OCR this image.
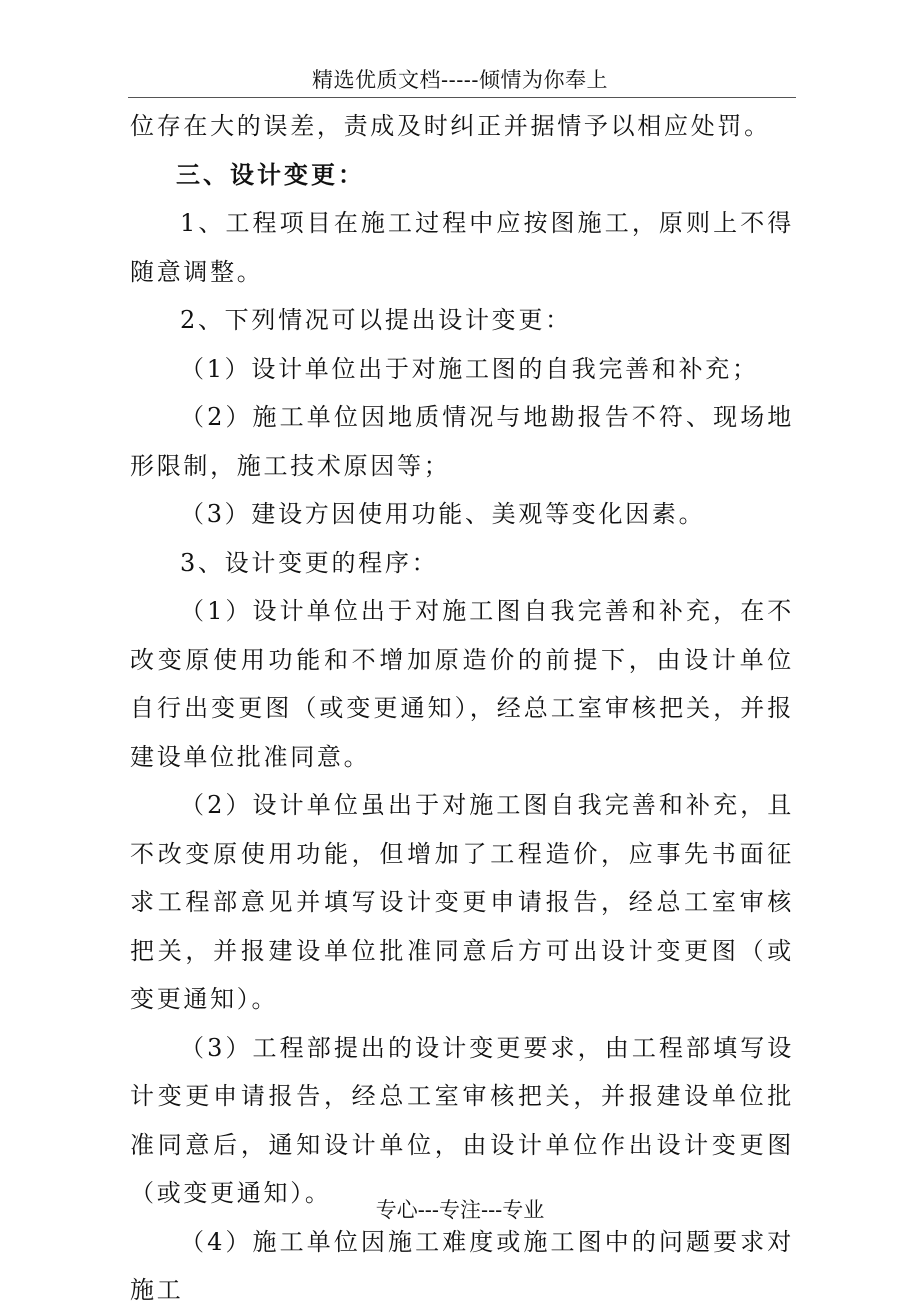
精选优质文档-----倾情为你奉上

位存在大的误差，责成及时纠正并据情予以相应处罚。

三、设计变更：

1、工程项目在施工过程中应按图施工，原则上不得随意调整。

2、下列情况可以提出设计变更：

（1）设计单位出于对施工图的自我完善和补充；

（2）施工单位因地质情况与地勘报告不符、现场地形限制，施工技术原因等；

（3）建设方因使用功能、美观等变化因素。

3、设计变更的程序：

（1）设计单位出于对施工图自我完善和补充，在不改变原使用功能和不增加原造价的前提下，由设计单位自行出变更图（或变更通知），经总工室审核把关，并报建设单位批准同意。

（2）设计单位虽出于对施工图自我完善和补充，且不改变原使用功能，但增加了工程造价，应事先书面征求工程部意见并填写设计变更申请报告，经总工室审核把关，并报建设单位批准同意后方可出设计变更图（或变更通知）。

（3）工程部提出的设计变更要求，由工程部填写设计变更申请报告，经总工室审核把关，并报建设单位批准同意后，通知设计单位，由设计单位作出设计变更图（或变更通知）。

（4）施工单位因施工难度或施工图中的问题要求对施工

专心---专注---专业
